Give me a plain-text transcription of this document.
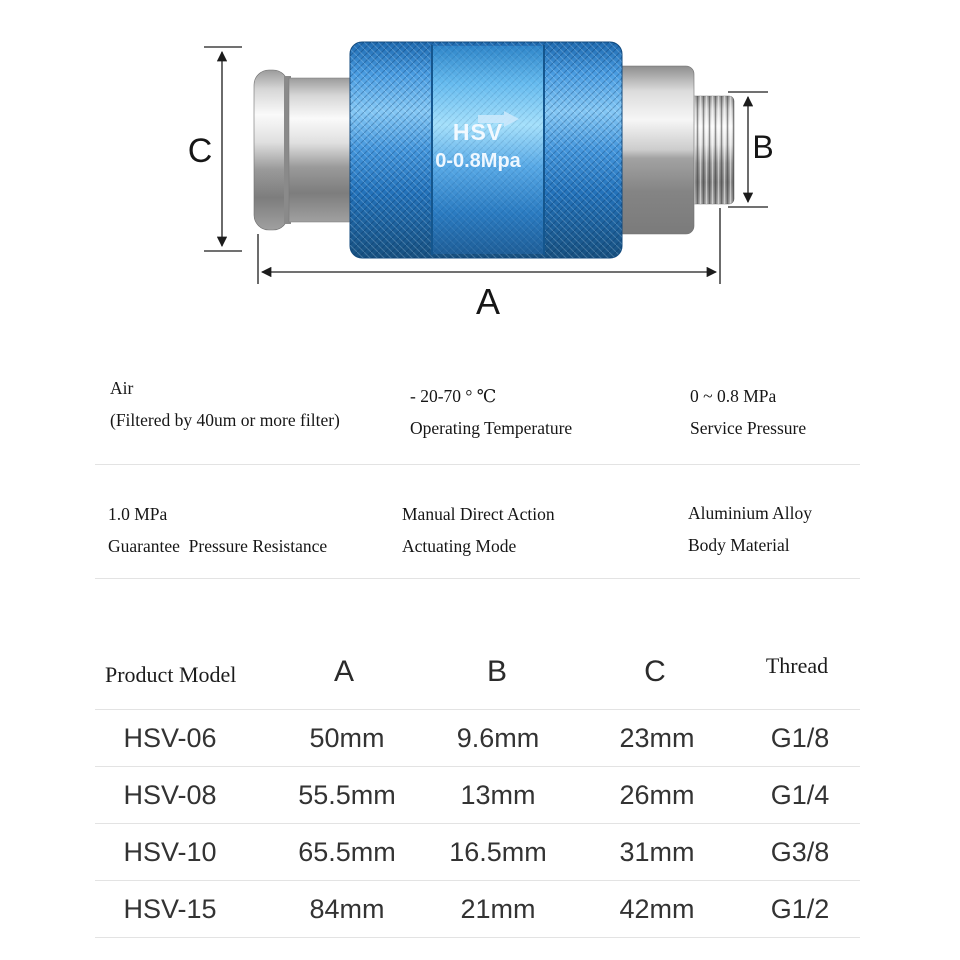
HSV
0-0.8Mpa
C	B
A
Air
(Filtered by 40um or more filter)
- 20-70 ° ℃
Operating Temperature
0 ~ 0.8 MPa
Service Pressure
1.0 MPa
Guarantee  Pressure Resistance
Manual Direct Action
Actuating Mode
Aluminium Alloy
Body Material
Product Model	A	B	C	Thread
HSV-06	50mm	9.6mm	23mm	G1/8
HSV-08	55.5mm 13mm	26mm	G1/4
HSV-10	65.5mm 16.5mm	31mm	G3/8
HSV-15	84mm	21mm	42mm	G1/2
